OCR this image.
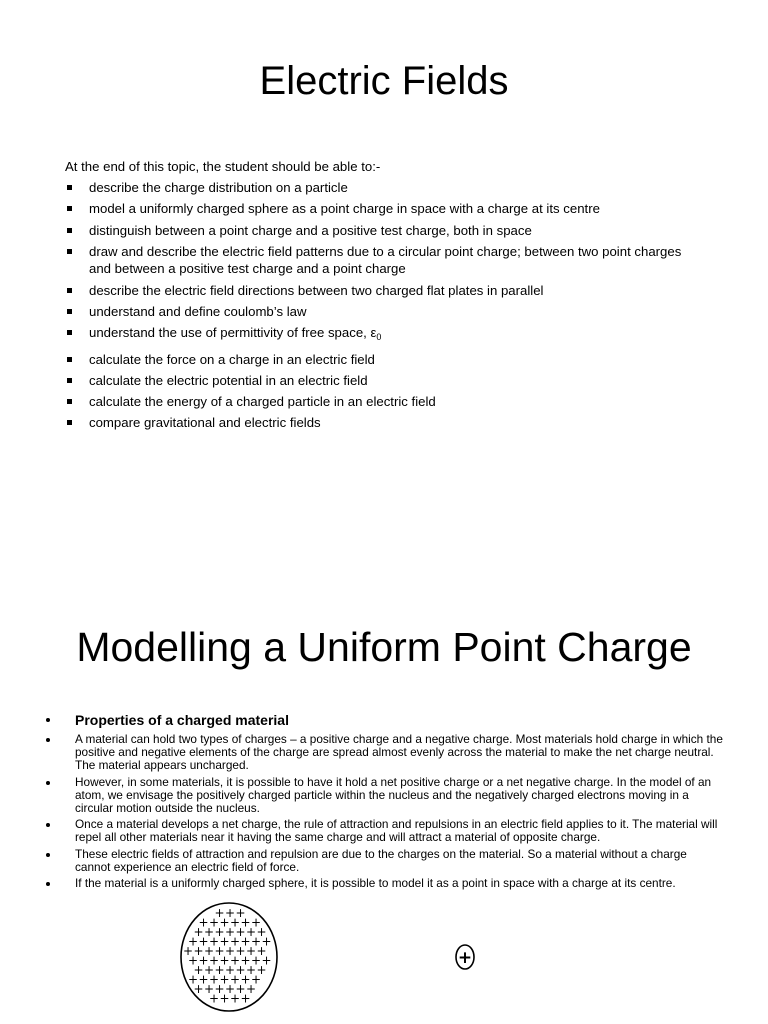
Electric Fields
At the end of this topic, the student should be able to:-
describe the charge distribution on a particle
model a uniformly charged sphere as a point charge in space with a charge at its centre
distinguish between a point charge and a positive test charge, both in space
draw and describe the electric field patterns due to a circular point charge; between two point charges and between a positive test charge and a point charge
describe the electric field directions between two charged flat plates in parallel
understand and define coulomb’s law
understand the use of permittivity of free space, $\varepsilon_0$
calculate the force on a charge in an electric field
calculate the electric potential in an electric field
calculate the energy of a charged particle in an electric field
compare gravitational and electric fields
Modelling a Uniform Point Charge
Properties of a charged material
A material can hold two types of charges – a positive charge and a negative charge. Most materials hold charge in which the positive and negative elements of the charge are spread almost evenly across the material to make the net charge neutral. The material appears uncharged.
However, in some materials, it is possible to have it hold a net positive charge or a net negative charge. In the model of an atom, we envisage the positively charged particle within the nucleus and the negatively charged electrons moving in a circular motion outside the nucleus.
Once a material develops a net charge, the rule of attraction and repulsions in an electric field applies to it. The material will repel all other materials near it having the same charge and will attract a material of opposite charge.
These electric fields of attraction and repulsion are due to the charges on the material. So a material without a charge cannot experience an electric field of force.
If the material is a uniformly charged sphere, it is possible to model it as a point in space with a charge at its centre.
+ + +
+ + + + + +
+ + + + + + +
+ + + + + + + +
+ + + + + + + +
+ + + + + + + +
+ + + + + + +
+ + + + + + +
+ + + + + +
+ + + +
+
